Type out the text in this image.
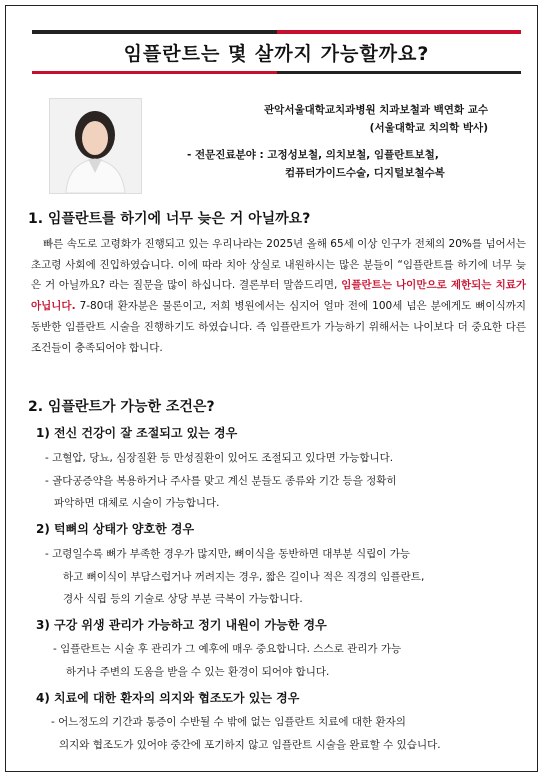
임플란트는 몇 살까지 가능할까요?
관악서울대학교치과병원 치과보철과 백연화 교수
(서울대학교 치의학 박사)
- 전문진료분야 : 고정성보철, 의치보철, 임플란트보철,
컴퓨터가이드수술, 디지털보철수복
1. 임플란트를 하기에 너무 늦은 거 아닐까요?
빠른 속도로 고령화가 진행되고 있는 우리나라는 2025년 올해 65세 이상 인구가 전체의 20%를 넘어서는 초고령 사회에 진입하였습니다. 이에 따라 치아 상실로 내원하시는 많은 분들이 “임플란트를 하기에 너무 늦은 거 아닐까요? 라는 질문을 많이 하십니다. 결론부터 말씀드리면, 임플란트는 나이만으로 제한되는 치료가 아닙니다. 7-80대 환자분은 물론이고, 저희 병원에서는 심지어 얼마 전에 100세 넘은 분에게도 뼈이식까지 동반한 임플란트 시술을 진행하기도 하였습니다. 즉 임플란트가 가능하기 위해서는 나이보다 더 중요한 다른 조건들이 충족되어야 합니다.
2. 임플란트가 가능한 조건은?
1) 전신 건강이 잘 조절되고 있는 경우
- 고혈압, 당뇨, 심장질환 등 만성질환이 있어도 조절되고 있다면 가능합니다.
- 골다공증약을 복용하거나 주사를 맞고 계신 분들도 종류와 기간 등을 정확히
파악하면 대체로 시술이 가능합니다.
2) 턱뼈의 상태가 양호한 경우
- 고령일수록 뼈가 부족한 경우가 많지만, 뼈이식을 동반하면 대부분 식립이 가능
하고 뼈이식이 부담스럽거나 꺼려지는 경우, 짧은 길이나 적은 직경의 임플란트,
경사 식립 등의 기술로 상당 부분 극복이 가능합니다.
3) 구강 위생 관리가 가능하고 정기 내원이 가능한 경우
- 임플란트는 시술 후 관리가 그 예후에 매우 중요합니다. 스스로 관리가 가능
하거나 주변의 도움을 받을 수 있는 환경이 되어야 합니다.
4) 치료에 대한 환자의 의지와 협조도가 있는 경우
- 어느정도의 기간과 통증이 수반될 수 밖에 없는 임플란트 치료에 대한 환자의
의지와 협조도가 있어야 중간에 포기하지 않고 임플란트 시술을 완료할 수 있습니다.
